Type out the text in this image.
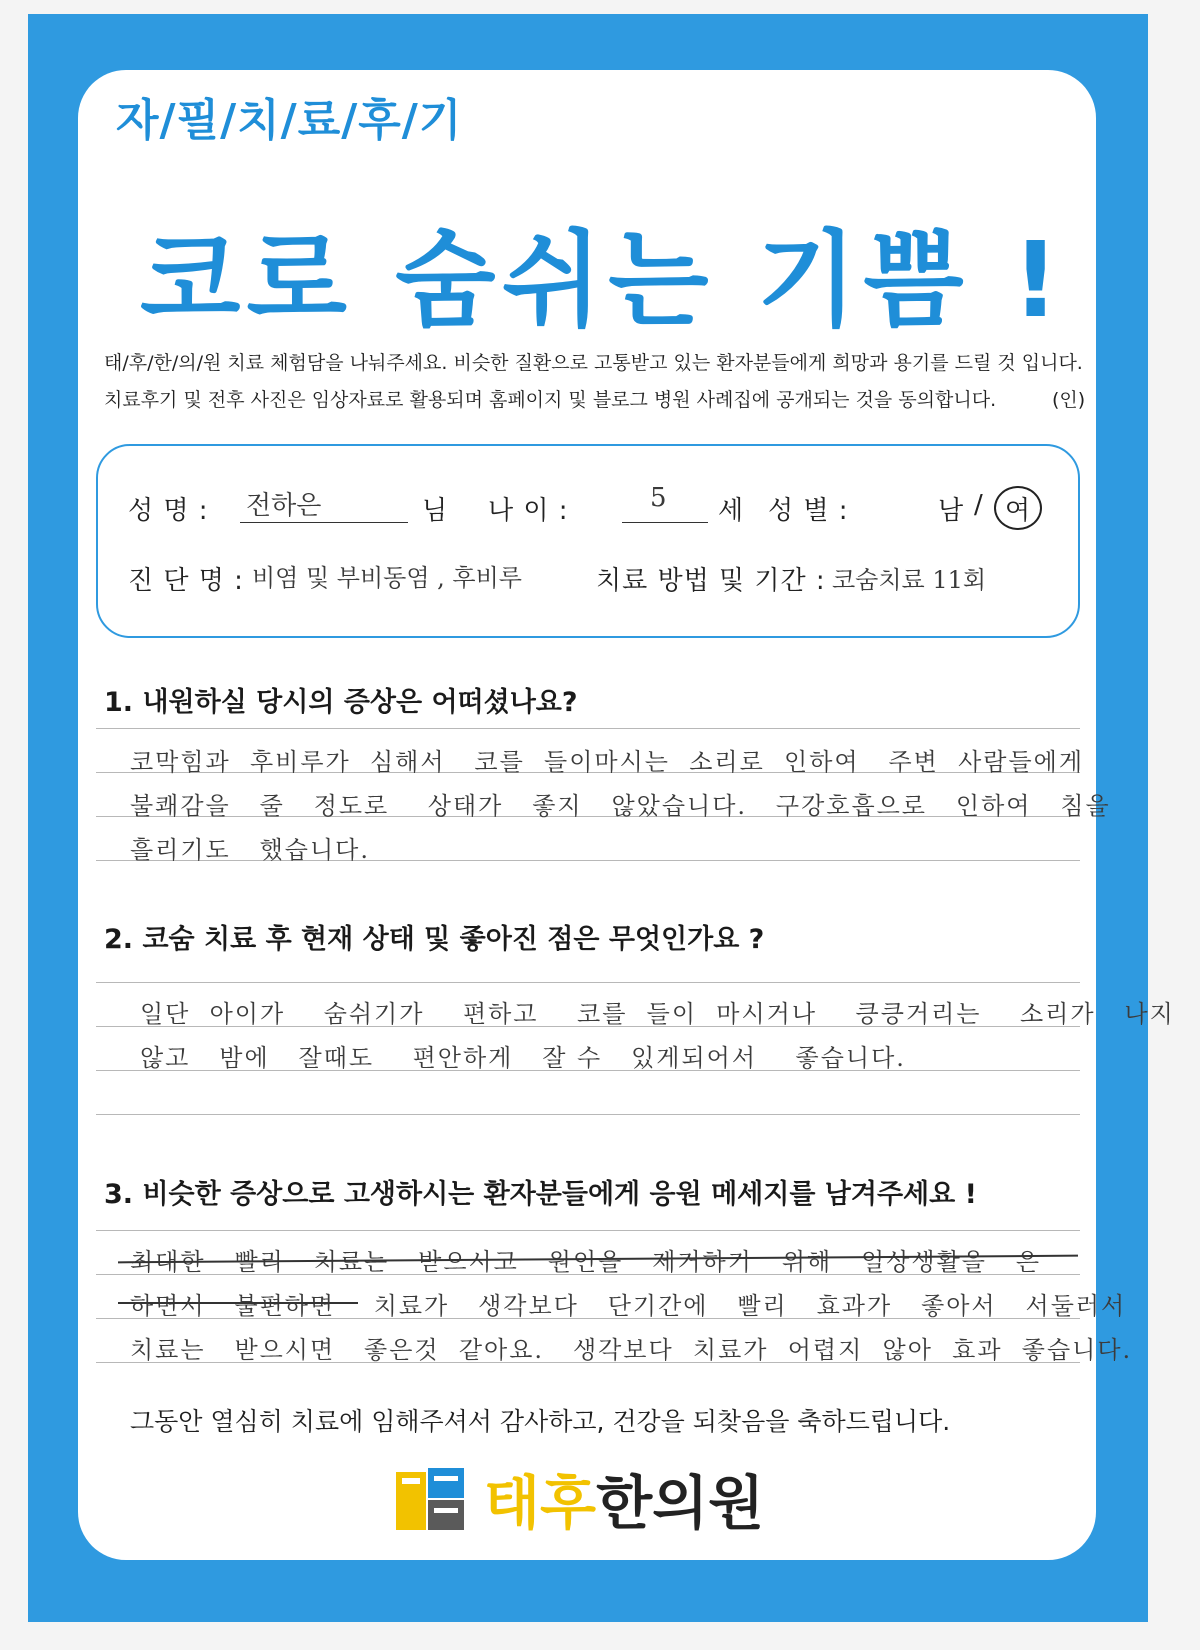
자/필/치/료/후/기
코로 숨쉬는 기쁨 !
태/후/한/의/원 치료 체험담을 나눠주세요. 비슷한 질환으로 고통받고 있는 환자분들에게 희망과 용기를 드릴 것 입니다.
치료후기 및 전후 사진은 임상자료로 활용되며 홈페이지 및 블로그 병원 사례집에 공개되는 것을 동의합니다.	(인)
성 명 : 전하은	님 나 이 :	5 세 성 별 :	남 / 여
진 단 명 : 비염 및 부비동염 , 후비루	치료 방법 및 기간 : 코숨치료 11회
1. 내원하실 당시의 증상은 어떠셨나요?
코막힘과  후비루가  심해서   코를  들이마시는  소리로  인하여   주변  사람들에게
불쾌감을   줄   정도로    상태가   좋지   않았습니다.   구강호흡으로   인하여   침을
흘리기도   했습니다.
2. 코숨 치료 후 현재 상태 및 좋아진 점은 무엇인가요 ?
일단  아이가    숨쉬기가    편하고    코를  들이  마시거나    킁킁거리는    소리가   나지
않고   밤에   잘때도    편안하게   잘 수   있게되어서    좋습니다.
3. 비슷한 증상으로 고생하시는 환자분들에게 응원 메세지를 남겨주세요 !
최대한   빨리   치료는   받으시고   원인을   제거하기   위해   일상생활을   은
하면서   불편하면    치료가   생각보다   단기간에   빨리   효과가   좋아서   서둘러서
치료는   받으시면   좋은것  같아요.   생각보다  치료가  어렵지  않아  효과  좋습니다.
그동안 열심히 치료에 임해주셔서 감사하고, 건강을 되찾음을 축하드립니다.
태후한의원
